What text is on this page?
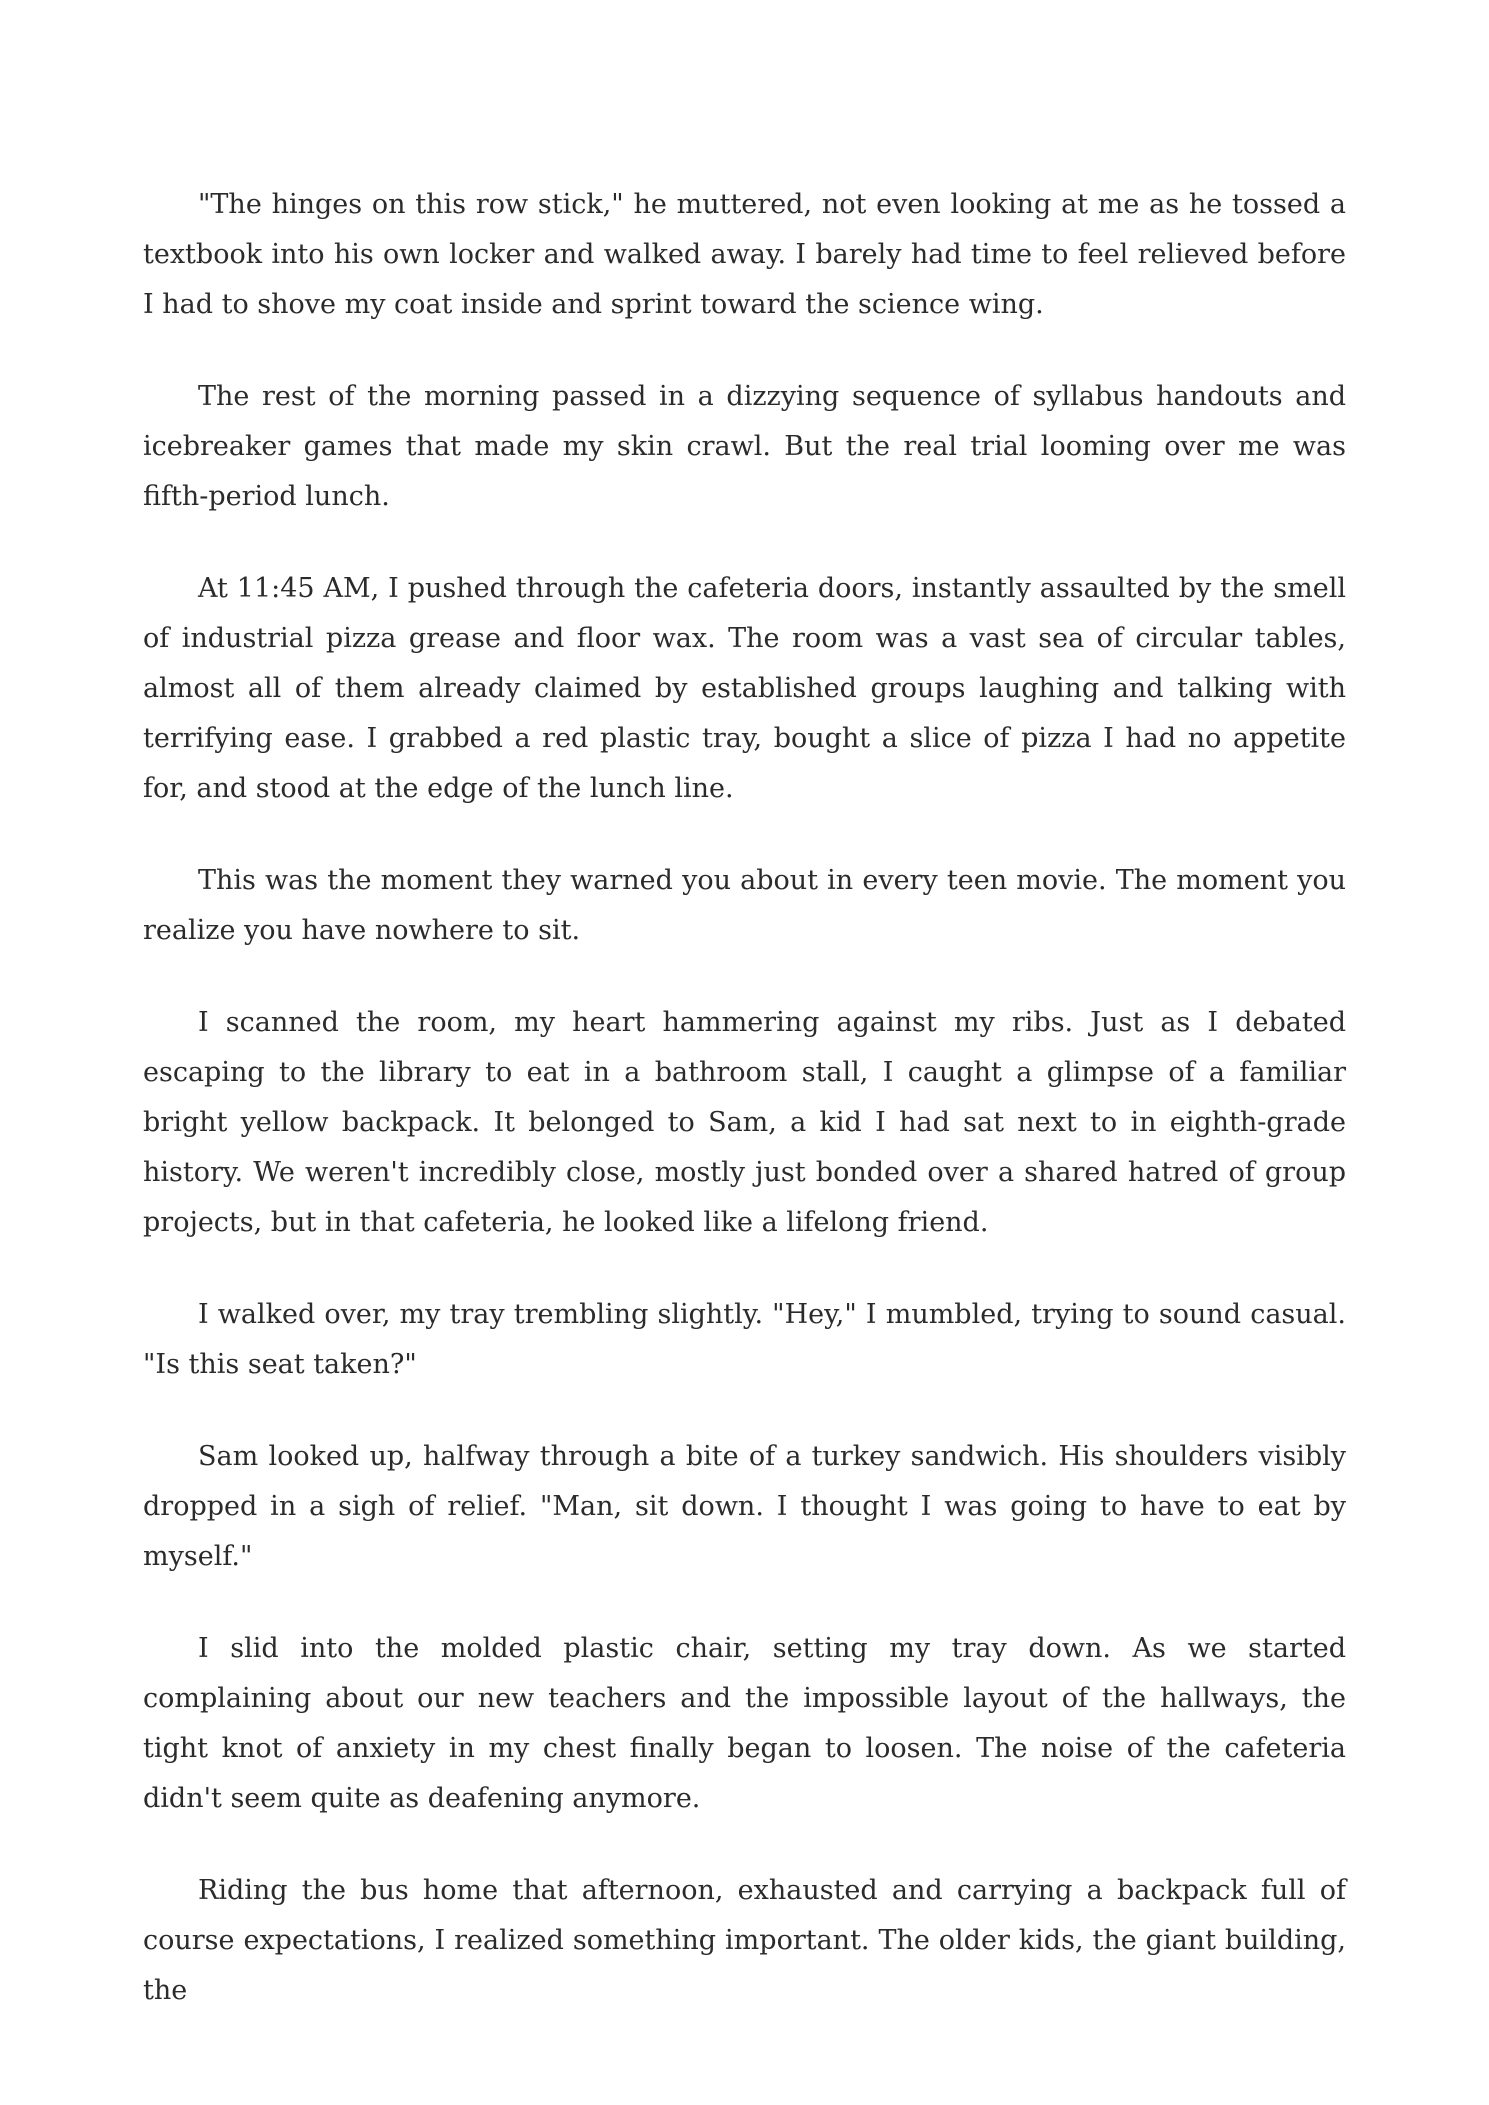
"The hinges on this row stick," he muttered, not even looking at me as he tossed a textbook into his own locker and walked away. I barely had time to feel relieved before I had to shove my coat inside and sprint toward the science wing.

The rest of the morning passed in a dizzying sequence of syllabus handouts and icebreaker games that made my skin crawl. But the real trial looming over me was fifth-period lunch.

At 11:45 AM, I pushed through the cafeteria doors, instantly assaulted by the smell of industrial pizza grease and floor wax. The room was a vast sea of circular tables, almost all of them already claimed by established groups laughing and talking with terrifying ease. I grabbed a red plastic tray, bought a slice of pizza I had no appetite for, and stood at the edge of the lunch line.

This was the moment they warned you about in every teen movie. The moment you realize you have nowhere to sit.

I scanned the room, my heart hammering against my ribs. Just as I debated escaping to the library to eat in a bathroom stall, I caught a glimpse of a familiar bright yellow backpack. It belonged to Sam, a kid I had sat next to in eighth-grade history. We weren't incredibly close, mostly just bonded over a shared hatred of group projects, but in that cafeteria, he looked like a lifelong friend.

I walked over, my tray trembling slightly. "Hey," I mumbled, trying to sound casual. "Is this seat taken?"

Sam looked up, halfway through a bite of a turkey sandwich. His shoulders visibly dropped in a sigh of relief. "Man, sit down. I thought I was going to have to eat by myself."

I slid into the molded plastic chair, setting my tray down. As we started complaining about our new teachers and the impossible layout of the hallways, the tight knot of anxiety in my chest finally began to loosen. The noise of the cafeteria didn't seem quite as deafening anymore.

Riding the bus home that afternoon, exhausted and carrying a backpack full of course expectations, I realized something important. The older kids, the giant building, the
